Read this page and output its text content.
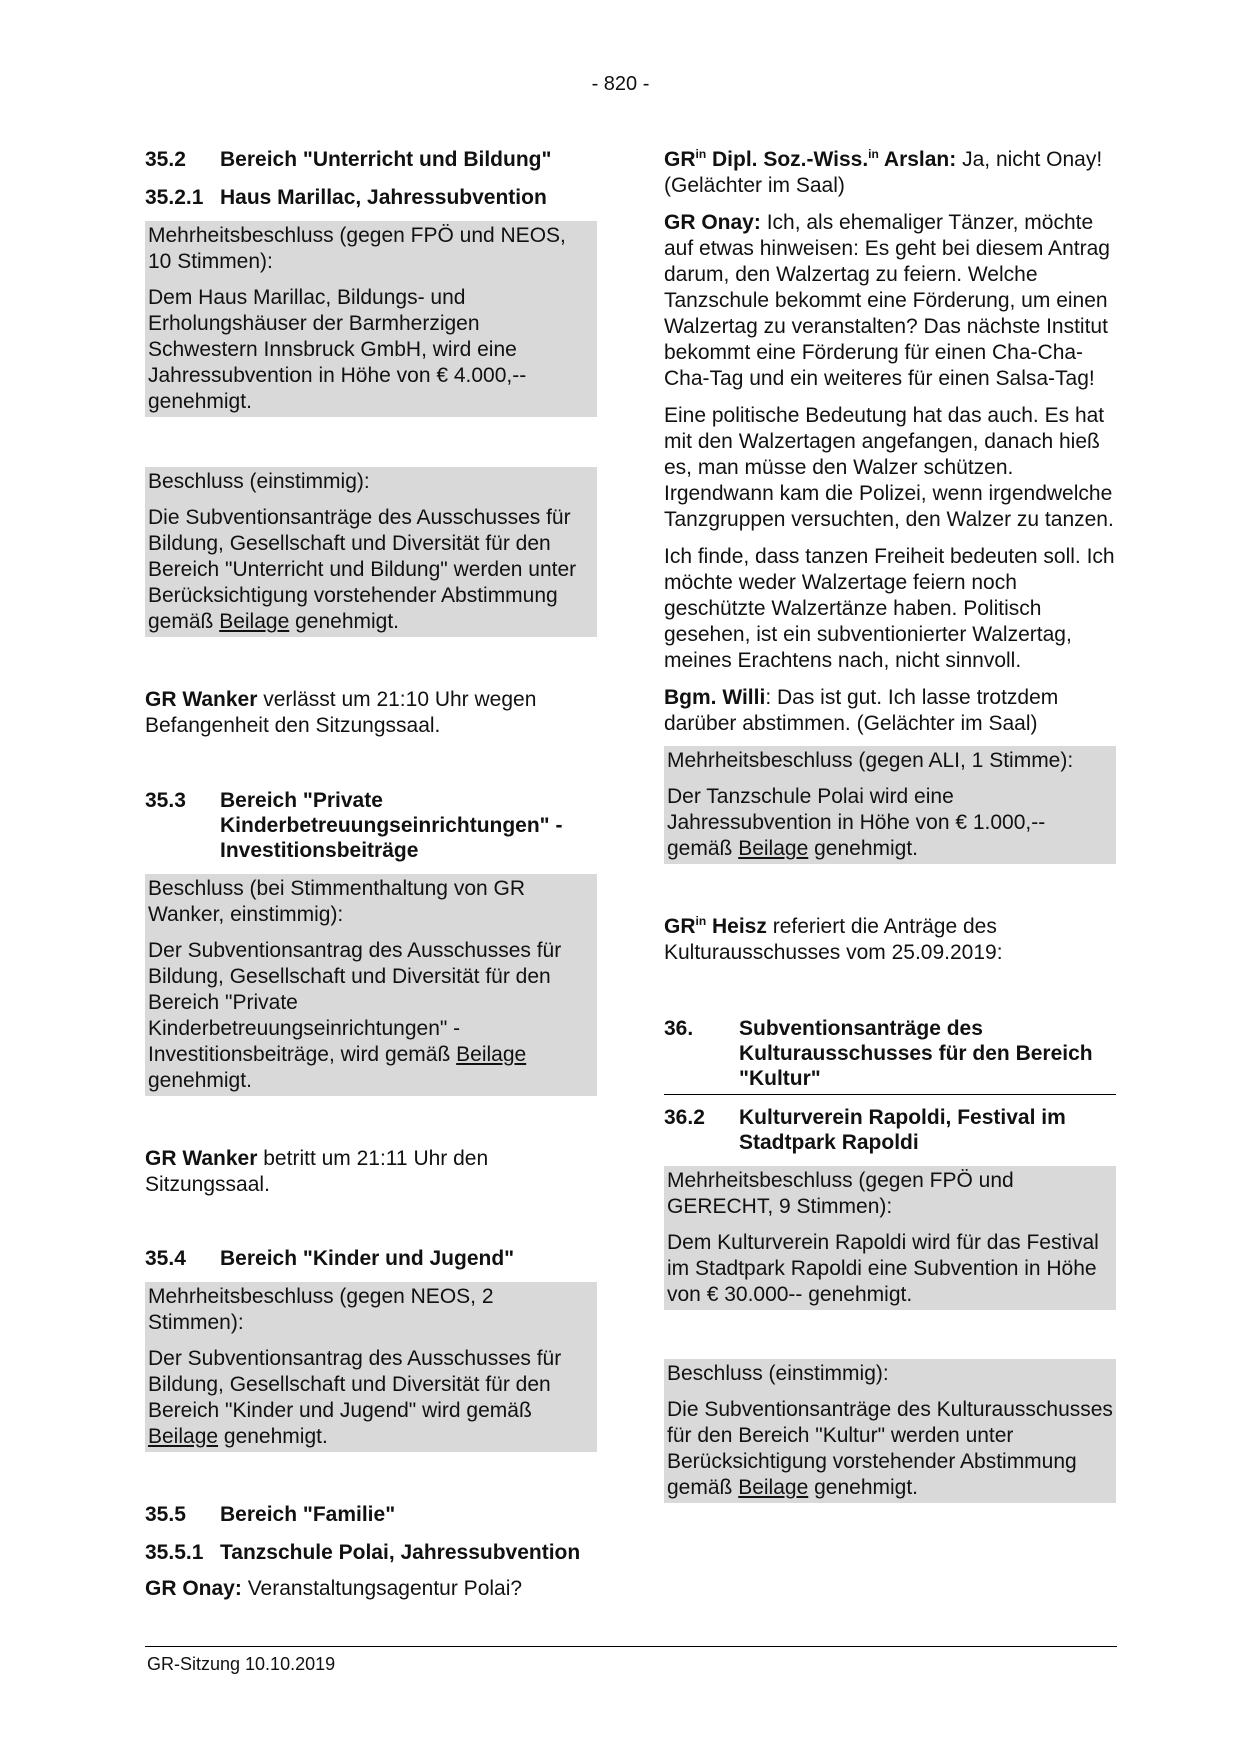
- 820 -
35.2	Bereich "Unterricht und Bildung"
35.2.1 Haus Marillac, Jahressubvention

Mehrheitsbeschluss (gegen FPÖ und NEOS, 10 Stimmen):

Dem Haus Marillac, Bildungs- und Erholungshäuser der Barmherzigen Schwestern Innsbruck GmbH, wird eine Jahressubvention in Höhe von € 4.000,-- genehmigt.

Beschluss (einstimmig):

Die Subventionsanträge des Ausschusses für Bildung, Gesellschaft und Diversität für den Bereich "Unterricht und Bildung" werden unter Berücksichtigung vorstehender Abstimmung gemäß Beilage genehmigt.

GR Wanker verlässt um 21:10 Uhr wegen Befangenheit den Sitzungssaal.

35.3	Bereich "Private Kinderbetreuungseinrichtungen" - Investitionsbeiträge

Beschluss (bei Stimmenthaltung von GR Wanker, einstimmig):

Der Subventionsantrag des Ausschusses für Bildung, Gesellschaft und Diversität für den Bereich "Private Kinderbetreuungseinrichtungen" - Investitionsbeiträge, wird gemäß Beilage genehmigt.

GR Wanker betritt um 21:11 Uhr den Sitzungssaal.

35.4	Bereich "Kinder und Jugend"

Mehrheitsbeschluss (gegen NEOS, 2 Stimmen):

Der Subventionsantrag des Ausschusses für Bildung, Gesellschaft und Diversität für den Bereich "Kinder und Jugend" wird gemäß Beilage genehmigt.

35.5	Bereich "Familie"
35.5.1 Tanzschule Polai, Jahressubvention

GR Onay: Veranstaltungsagentur Polai?

$GR^{in}$ Dipl. Soz.-Wiss.$^{in}$ Arslan: Ja, nicht Onay! (Gelächter im Saal)

GR Onay: Ich, als ehemaliger Tänzer, möchte auf etwas hinweisen: Es geht bei diesem Antrag darum, den Walzertag zu feiern. Welche Tanzschule bekommt eine Förderung, um einen Walzertag zu veranstalten? Das nächste Institut bekommt eine Förderung für einen Cha-Cha-Cha-Tag und ein weiteres für einen Salsa-Tag!

Eine politische Bedeutung hat das auch. Es hat mit den Walzertagen angefangen, danach hieß es, man müsse den Walzer schützen. Irgendwann kam die Polizei, wenn irgendwelche Tanzgruppen versuchten, den Walzer zu tanzen.

Ich finde, dass tanzen Freiheit bedeuten soll. Ich möchte weder Walzertage feiern noch geschützte Walzertänze haben. Politisch gesehen, ist ein subventionierter Walzertag, meines Erachtens nach, nicht sinnvoll.

Bgm. Willi: Das ist gut. Ich lasse trotzdem darüber abstimmen. (Gelächter im Saal)

Mehrheitsbeschluss (gegen ALI, 1 Stimme):

Der Tanzschule Polai wird eine Jahressubvention in Höhe von € 1.000,-- gemäß Beilage genehmigt.

$GR^{in}$ Heisz referiert die Anträge des Kulturausschusses vom 25.09.2019:

36.	Subventionsanträge des Kulturausschusses für den Bereich "Kultur"
36.2	Kulturverein Rapoldi, Festival im Stadtpark Rapoldi

Mehrheitsbeschluss (gegen FPÖ und GERECHT, 9 Stimmen):

Dem Kulturverein Rapoldi wird für das Festival im Stadtpark Rapoldi eine Subvention in Höhe von € 30.000-- genehmigt.

Beschluss (einstimmig):

Die Subventionsanträge des Kulturausschusses für den Bereich "Kultur" werden unter Berücksichtigung vorstehender Abstimmung gemäß Beilage genehmigt.

GR-Sitzung 10.10.2019
